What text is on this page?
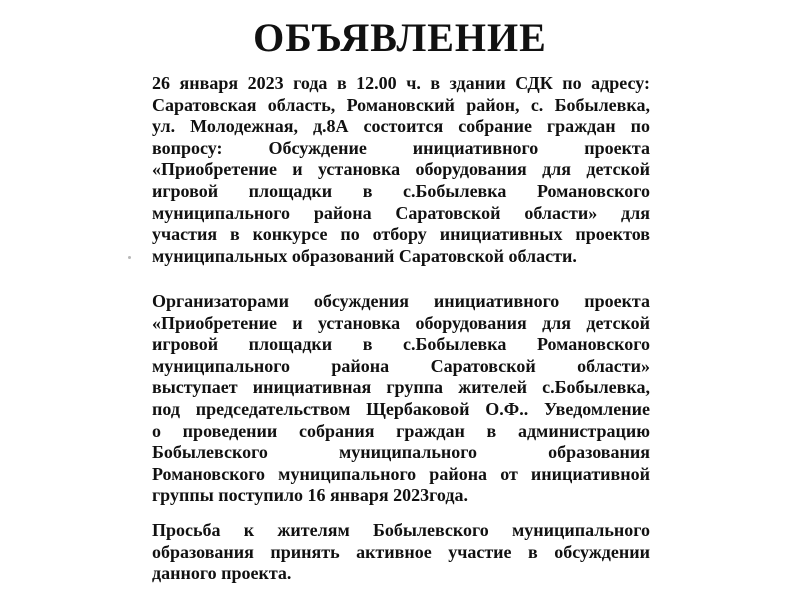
ОБЪЯВЛЕНИЕ
26 января 2023 года в 12.00 ч. в здании СДК по адресу:
Саратовская область, Романовский район, с. Бобылевка,
ул. Молодежная, д.8А состоится собрание граждан по
вопросу: Обсуждение инициативного проекта
«Приобретение и установка оборудования для детской
игровой площадки в с.Бобылевка Романовского
муниципального района Саратовской области» для
участия в конкурсе по отбору инициативных проектов
муниципальных образований Саратовской области.
Организаторами обсуждения инициативного проекта
«Приобретение и установка оборудования для детской
игровой площадки в с.Бобылевка Романовского
муниципального района Саратовской области»
выступает инициативная группа жителей с.Бобылевка,
под председательством Щербаковой О.Ф.. Уведомление
о проведении собрания граждан в администрацию
Бобылевского муниципального образования
Романовского муниципального района от инициативной
группы поступило 16 января 2023года.
Просьба к жителям Бобылевского муниципального
образования принять активное участие в обсуждении
данного проекта.
